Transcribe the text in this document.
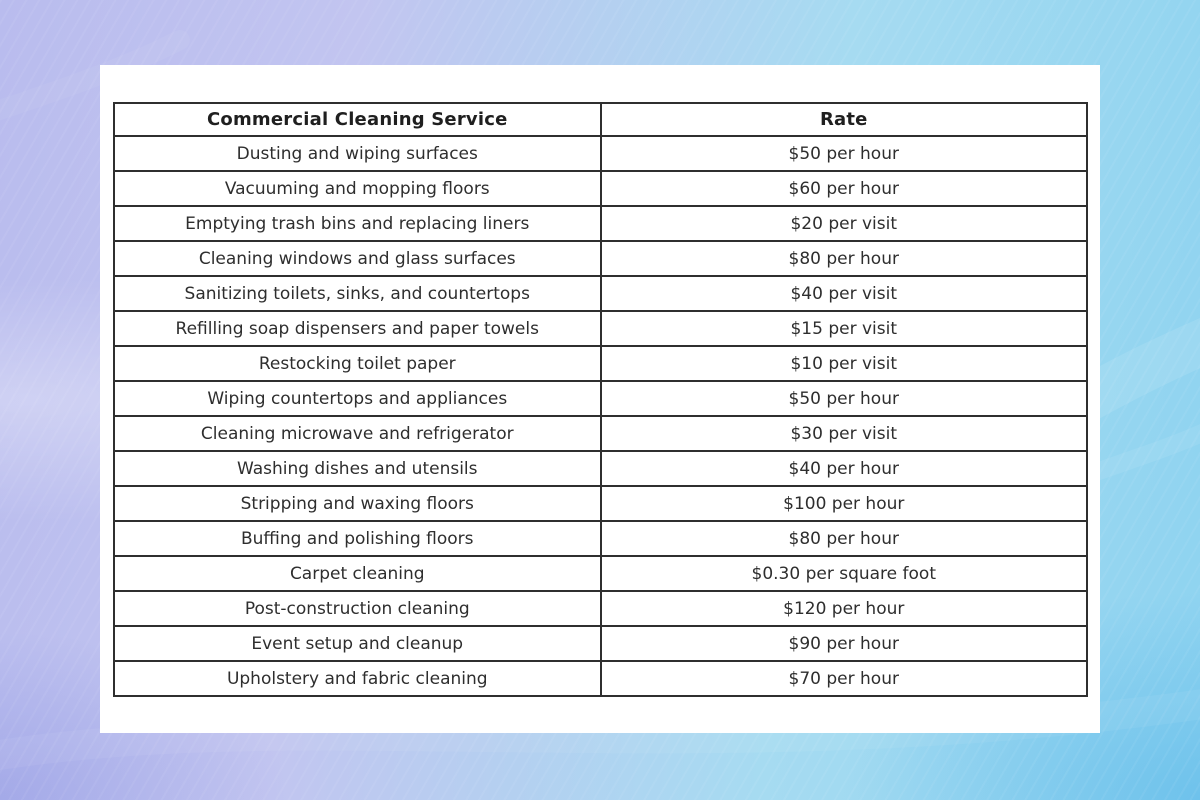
Commercial Cleaning Service	Rate
Dusting and wiping surfaces	$50 per hour
Vacuuming and mopping floors	$60 per hour
Emptying trash bins and replacing liners	$20 per visit
Cleaning windows and glass surfaces	$80 per hour
Sanitizing toilets, sinks, and countertops	$40 per visit
Refilling soap dispensers and paper towels	$15 per visit
Restocking toilet paper	$10 per visit
Wiping countertops and appliances	$50 per hour
Cleaning microwave and refrigerator	$30 per visit
Washing dishes and utensils	$40 per hour
Stripping and waxing floors	$100 per hour
Buffing and polishing floors	$80 per hour
Carpet cleaning	$0.30 per square foot
Post-construction cleaning	$120 per hour
Event setup and cleanup	$90 per hour
Upholstery and fabric cleaning	$70 per hour
